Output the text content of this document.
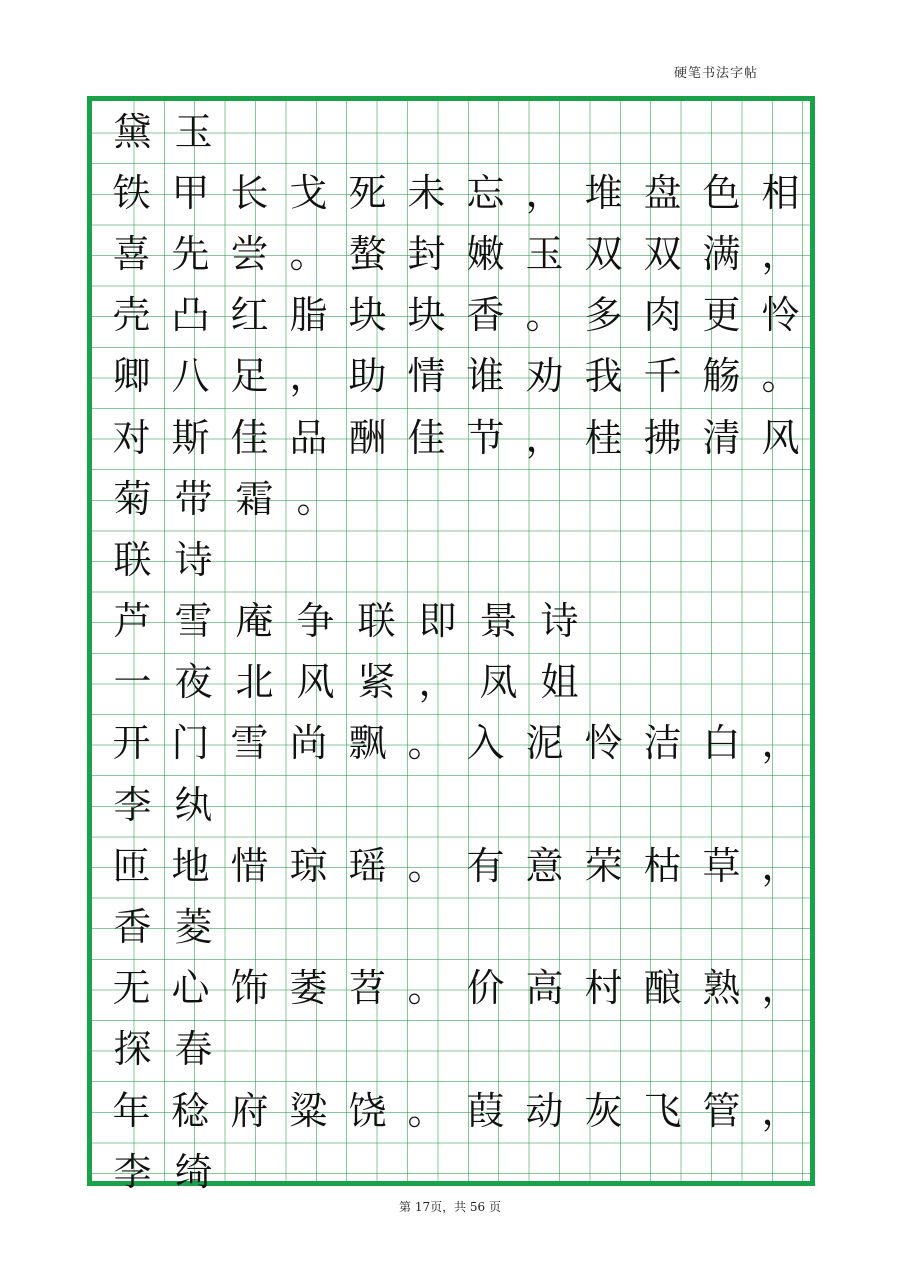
硬笔书法字帖
黛 玉
铁 甲 长 戈 死 未 忘 ， 堆 盘 色 相
喜 先 尝 。 螯 封 嫩 玉 双 双 满 ，
壳 凸 红 脂 块 块 香 。 多 肉 更 怜
卿 八 足 ， 助 情 谁 劝 我 千 觞 。
对 斯 佳 品 酬 佳 节 ， 桂 拂 清 风
菊 带 霜 。
联 诗
芦 雪 庵 争 联 即 景 诗
一 夜 北 风 紧 ， 凤 姐
开 门 雪 尚 飘 。 入 泥 怜 洁 白 ，
李 纨
匝 地 惜 琼 瑶 。 有 意 荣 枯 草 ，
香 菱
无 心 饰 萎 苕 。 价 高 村 酿 熟 ，
探 春
年 稔 府 粱 饶 。 葭 动 灰 飞 管 ，
李 绮
第 17页，共 56 页
